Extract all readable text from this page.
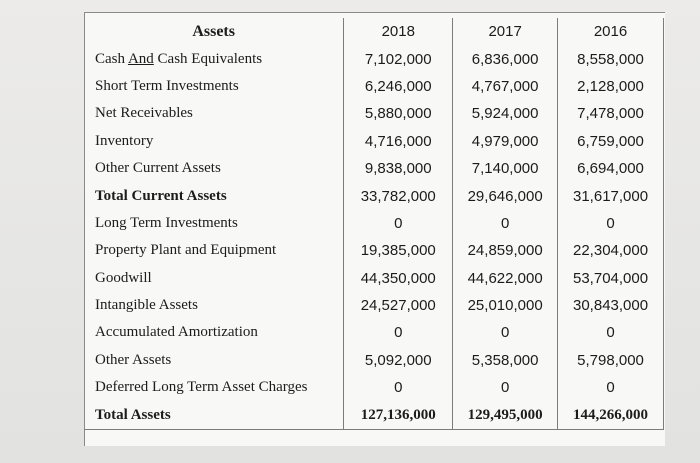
Assets	2018	2017	2016
Cash And Cash Equivalents	7,102,000	6,836,000	8,558,000
Short Term Investments	6,246,000	4,767,000	2,128,000
Net Receivables	5,880,000	5,924,000	7,478,000
Inventory	4,716,000	4,979,000	6,759,000
Other Current Assets	9,838,000	7,140,000	6,694,000
Total Current Assets	33,782,000	29,646,000	31,617,000
Long Term Investments	0	0	0
Property Plant and Equipment	19,385,000	24,859,000	22,304,000
Goodwill	44,350,000	44,622,000	53,704,000
Intangible Assets	24,527,000	25,010,000	30,843,000
Accumulated Amortization	0	0	0
Other Assets	5,092,000	5,358,000	5,798,000
Deferred Long Term Asset Charges	0	0	0
Total Assets	127,136,000	129,495,000	144,266,000
